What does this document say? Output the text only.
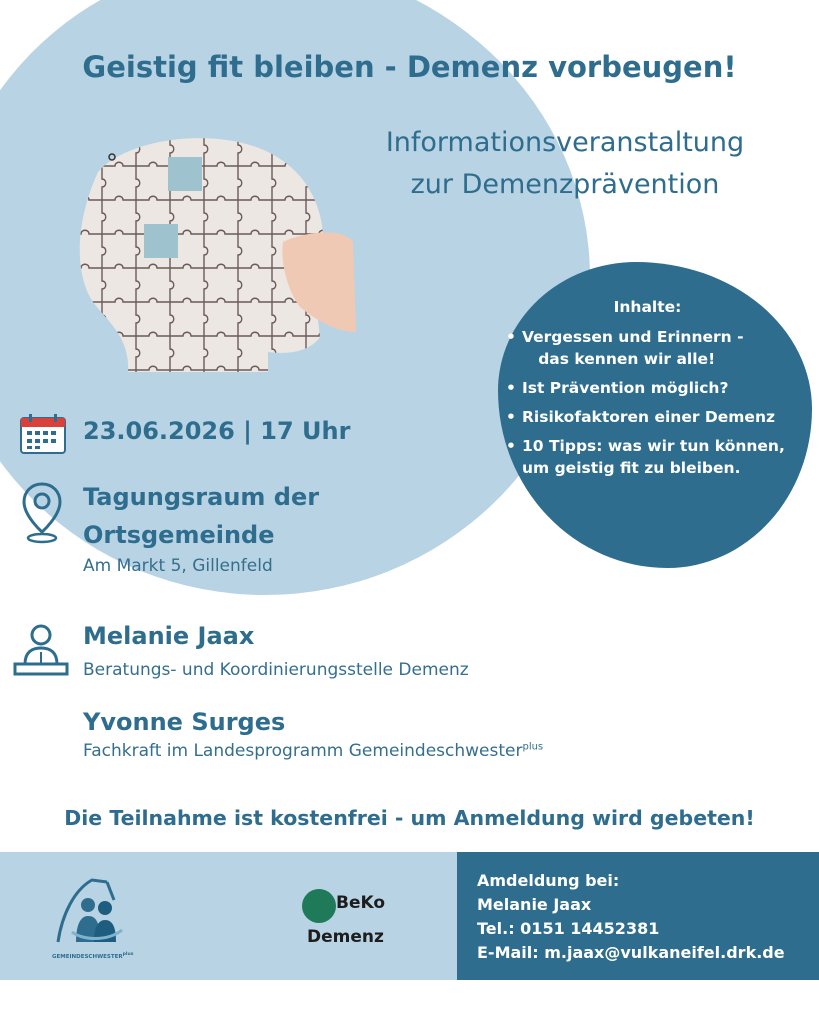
Geistig fit bleiben - Demenz vorbeugen!
Informationsveranstaltung
zur Demenzprävention
Inhalte:
• Vergessen und Erinnern -
das kennen wir alle!
• Ist Prävention möglich?
• Risikofaktoren einer Demenz
• 10 Tipps: was wir tun können,
um geistig fit zu bleiben.
23.06.2026 | 17 Uhr
Tagungsraum der
Ortsgemeinde
Am Markt 5, Gillenfeld
Melanie Jaax
Beratungs- und Koordinierungsstelle Demenz
Yvonne Surges
Fachkraft im Landesprogramm Gemeindeschwester$^{plus}$
Die Teilnahme ist kostenfrei - um Anmeldung wird gebeten!
$GEMEINDESCHWESTER^{plus}$
BeKo
Demenz
Amdeldung bei:
Melanie Jaax
Tel.: 0151 14452381
E-Mail: m.jaax@vulkaneifel.drk.de
